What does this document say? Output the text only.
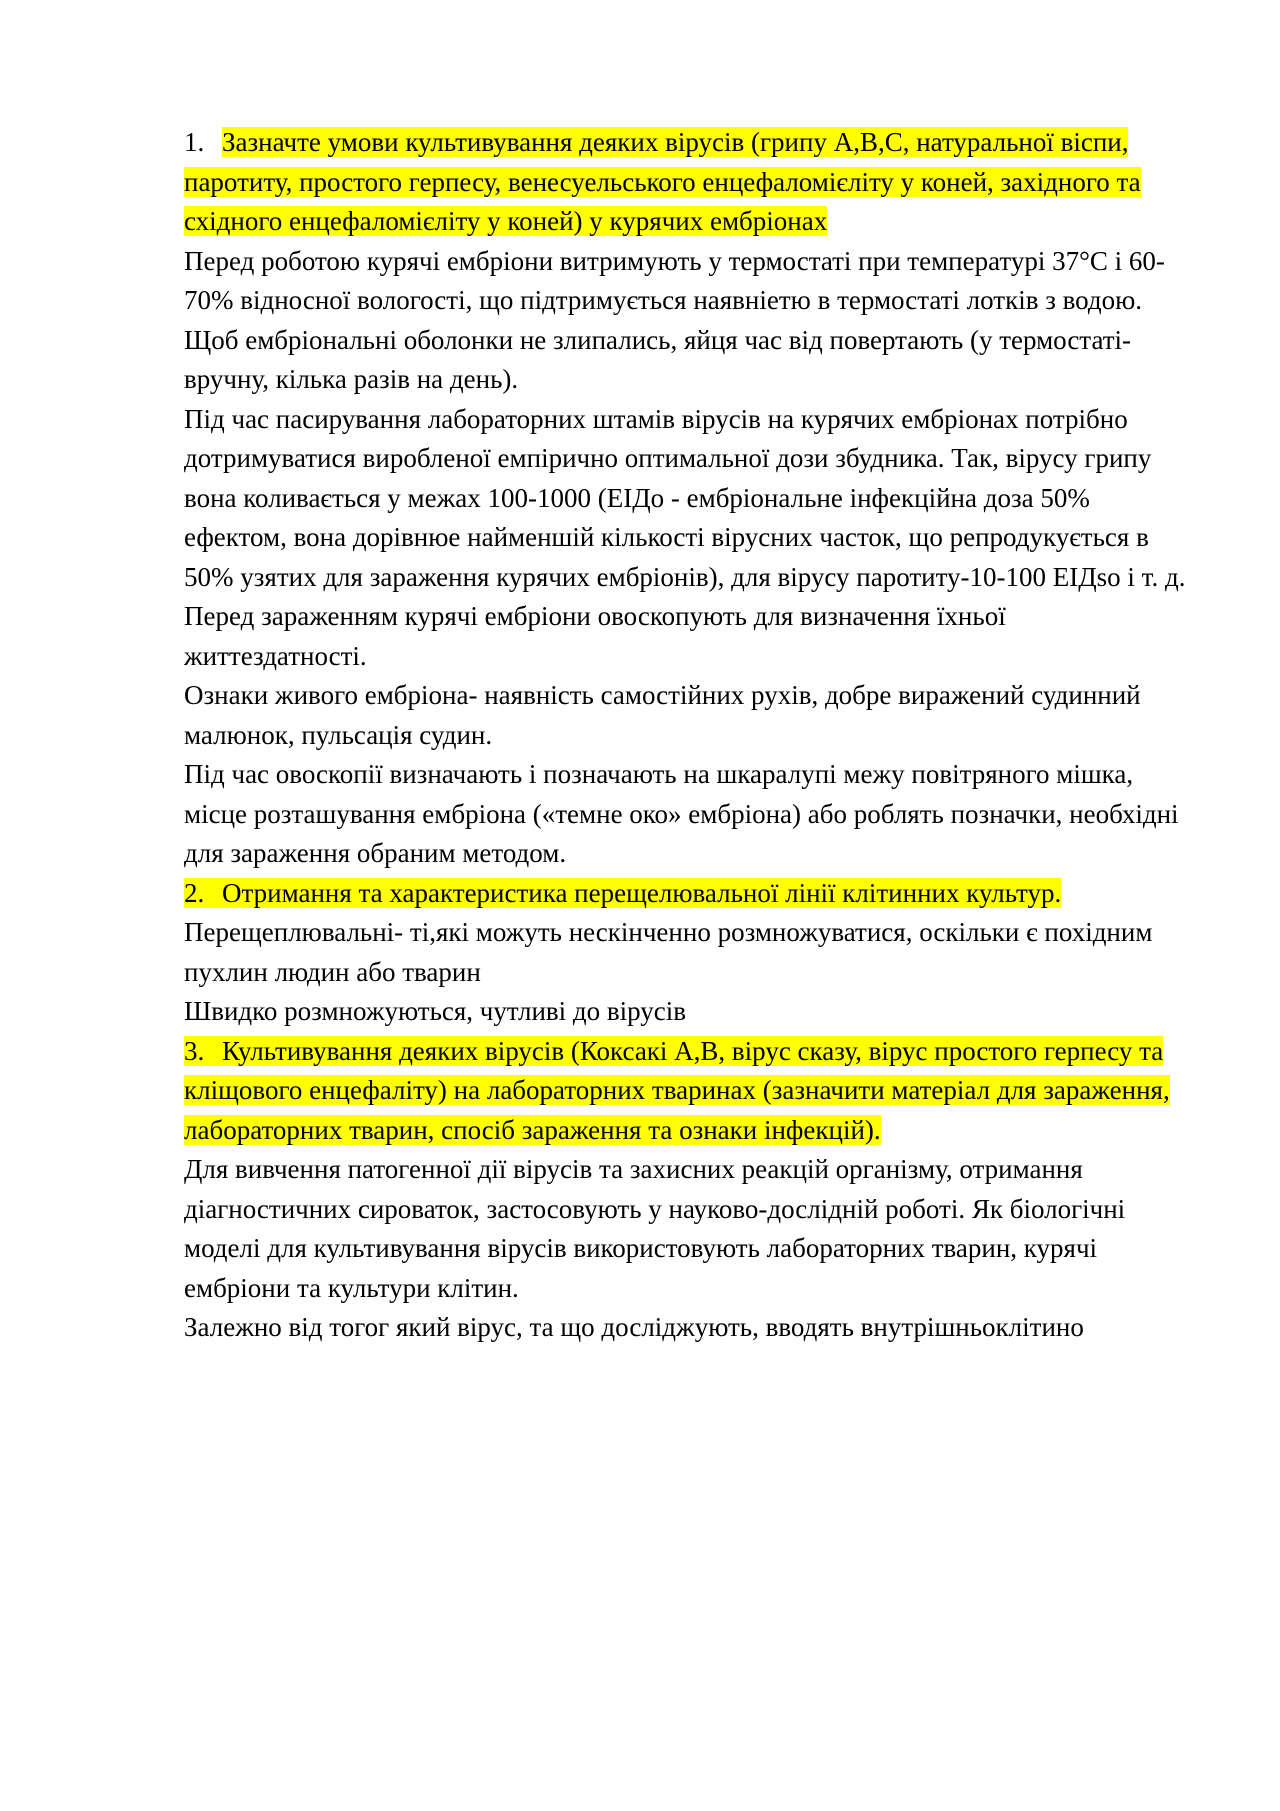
1. Зазначте умови культивування деяких вірусів (грипу А,В,С, натуральної віспи, паротиту, простого герпесу, венесуельського енцефаломієліту у коней, західного та східного енцефаломієліту у коней) у курячих ембріонах

Перед роботою курячі ембріони витримують у термостаті при температурі 37°С і 60-70% відносної вологості, що підтримується наявніетю в термостаті лотків з водою.

Щоб ембріональні оболонки не злипались, яйця час від повертають (у термостаті-вручну, кілька разів на день).

Під час пасирування лабораторних штамів вірусів на курячих ембріонах потрібно дотримуватися виробленої емпірично оптимальної дози збудника. Так, вірусу грипу вона коливається у межах 100-1000 (ЕІДо - ембріональне інфекційна доза 50% ефектом, вона дорівнюе найменшій кількості вірусних часток, що репродукується в 50% узятих для зараження курячих ембріонів), для вірусу паротиту-10-100 ЕІДѕо і т. д.

Перед зараженням курячі ембріони овоскопують для визначення їхньої життездатності.

Ознаки живого ембріона- наявність самостійних рухів, добре виражений судинний малюнок, пульсація судин.

Під час овоскопії визначають і позначають на шкаралупі межу повітряного мішка, місце розташування ембріона («темне око» ембріона) або роблять позначки, необхідні для зараження обраним методом.

2. Отримання та характеристика перещелювальної лінії клітинних культур.

Перещеплювальні- ті,які можуть нескінченно розмножуватися, оскільки є похідним пухлин людин або тварин

Швидко розмножуються, чутливі до вірусів

3. Культивування деяких вірусів (Коксакі А,В, вірус сказу, вірус простого герпесу та кліщового енцефаліту) на лабораторних тваринах (зазначити матеріал для зараження, лабораторних тварин, спосіб зараження та ознаки інфекцій).

Для вивчення патогенної дії вірусів та захисних реакцій організму, отримання діагностичних сироваток, застосовують у науково-дослідній роботі. Як біологічні моделі для культивування вірусів використовують лабораторних тварин, курячі ембріони та культури клітин.

Залежно від тогог який вірус, та що досліджують, вводять внутрішньоклітино
